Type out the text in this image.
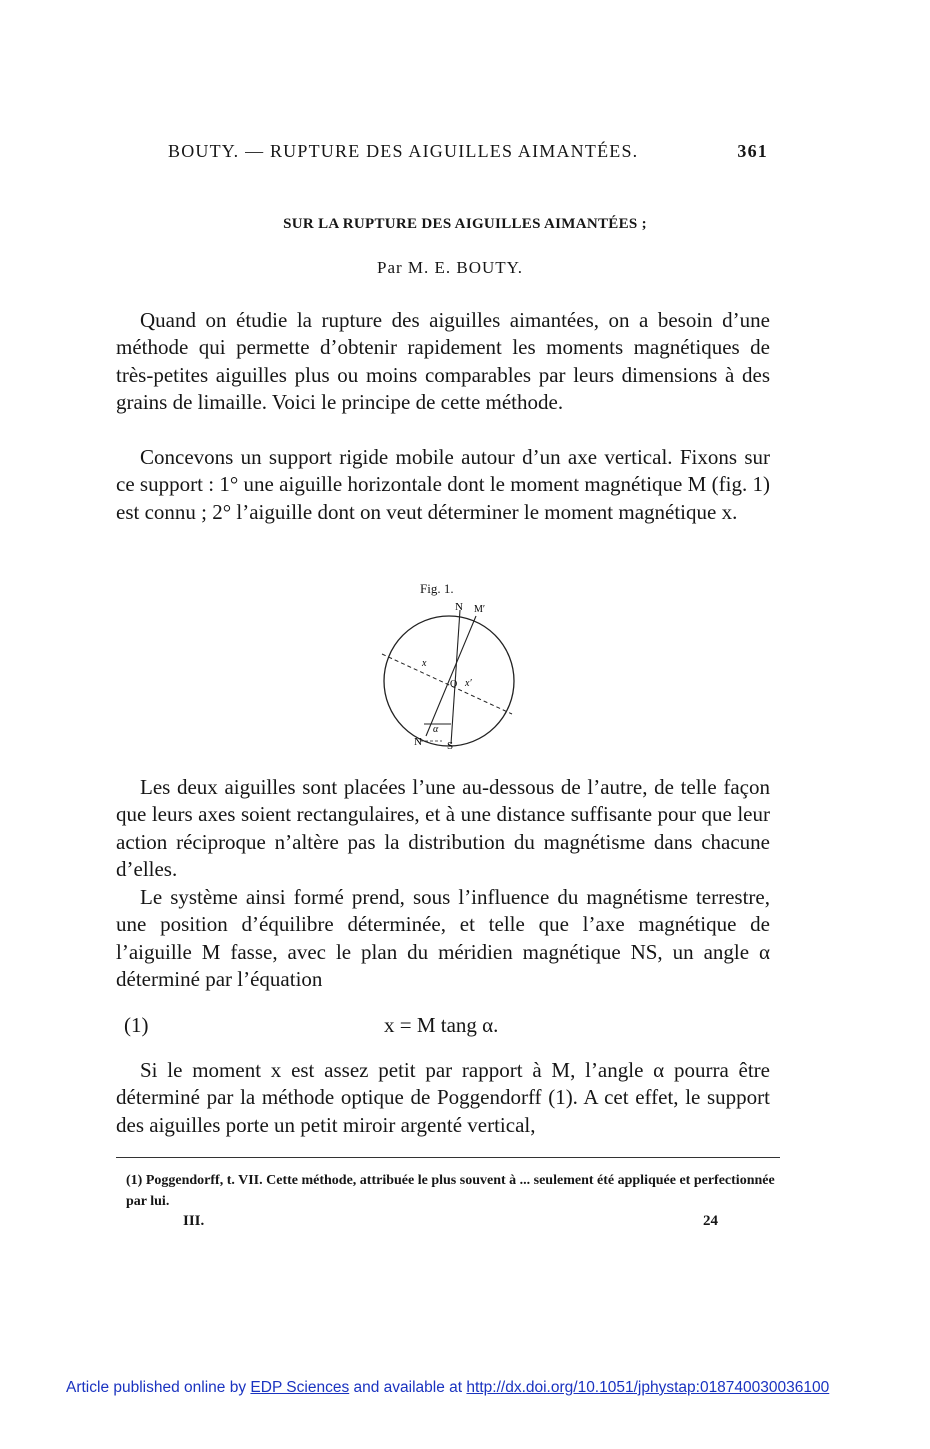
BOUTY. — RUPTURE DES AIGUILLES AIMANTÉES.	361
SUR LA RUPTURE DES AIGUILLES AIMANTÉES ;
Par M. E. BOUTY.

Quand on étudie la rupture des aiguilles aimantées, on a besoin d’une méthode qui permette d’obtenir rapidement les moments magnétiques de très-petites aiguilles plus ou moins comparables par leurs dimensions à des grains de limaille. Voici le principe de cette méthode.

Concevons un support rigide mobile autour d’un axe vertical. Fixons sur ce support : 1° une aiguille horizontale dont le moment magnétique M (fig. 1) est connu ; 2° l’aiguille dont on veut déterminer le moment magnétique x.

Fig. 1.
N M′
x
O x′
α
N S

Les deux aiguilles sont placées l’une au-dessous de l’autre, de telle façon que leurs axes soient rectangulaires, et à une distance suffisante pour que leur action réciproque n’altère pas la distribution du magnétisme dans chacune d’elles.

Le système ainsi formé prend, sous l’influence du magnétisme terrestre, une position d’équilibre déterminée, et telle que l’axe magnétique de l’aiguille M fasse, avec le plan du méridien magnétique NS, un angle α déterminé par l’équation

(1)	x = M tang α.

Si le moment x est assez petit par rapport à M, l’angle α pourra être déterminé par la méthode optique de Poggendorff (1). A cet effet, le support des aiguilles porte un petit miroir argenté vertical,

(1) Poggendorff, t. VII. Cette méthode, attribuée le plus souvent à ... seulement été appliquée et perfectionnée par lui.
III.	24
Article published online by EDP Sciences and available at http://dx.doi.org/10.1051/jphystap:018740030036100
